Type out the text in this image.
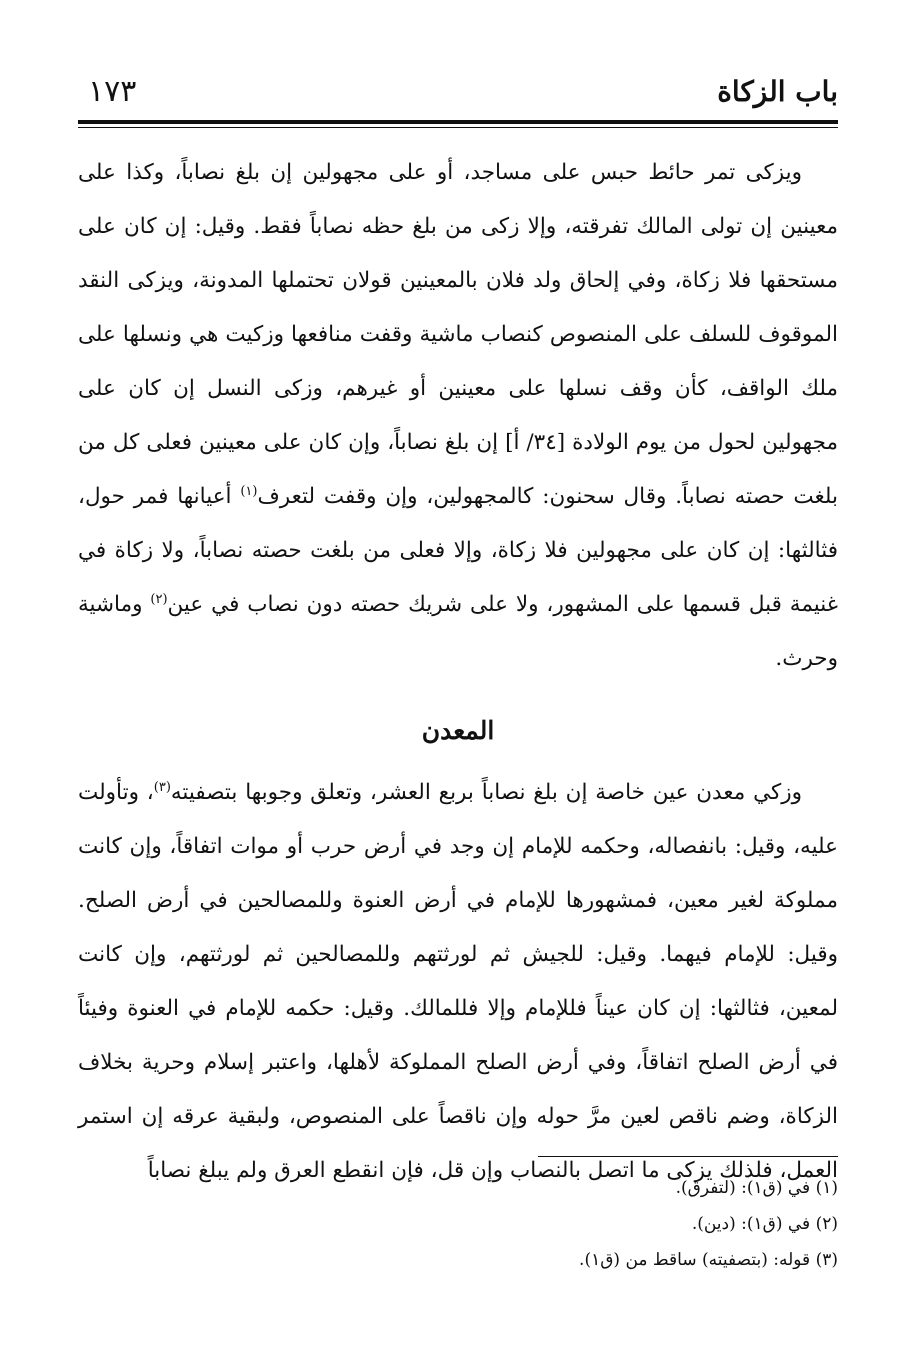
باب الزكاة
١٧٣

ويزكى تمر حائط حبس على مساجد، أو على مجهولين إن بلغ نصاباً، وكذا على معينين إن تولى المالك تفرقته، وإلا زكى من بلغ حظه نصاباً فقط. وقيل: إن كان على مستحقها فلا زكاة، وفي إلحاق ولد فلان بالمعينين قولان تحتملها المدونة، ويزكى النقد الموقوف للسلف على المنصوص كنصاب ماشية وقفت منافعها وزكيت هي ونسلها على ملك الواقف، كأن وقف نسلها على معينين أو غيرهم، وزكى النسل إن كان على مجهولين لحول من يوم الولادة [٣٤/ أ] إن بلغ نصاباً، وإن كان على معينين فعلى كل من بلغت حصته نصاباً. وقال سحنون: كالمجهولين، وإن وقفت لتعرف$^{(١)}$ أعيانها فمر حول، فثالثها: إن كان على مجهولين فلا زكاة، وإلا فعلى من بلغت حصته نصاباً، ولا زكاة في غنيمة قبل قسمها على المشهور، ولا على شريك حصته دون نصاب في عين$^{(٢)}$ وماشية وحرث.

المعدن

وزكي معدن عين خاصة إن بلغ نصاباً بربع العشر، وتعلق وجوبها بتصفيته$^{(٣)}$، وتأولت عليه، وقيل: بانفصاله، وحكمه للإمام إن وجد في أرض حرب أو موات اتفاقاً، وإن كانت مملوكة لغير معين، فمشهورها للإمام في أرض العنوة وللمصالحين في أرض الصلح. وقيل: للإمام فيهما. وقيل: للجيش ثم لورثتهم وللمصالحين ثم لورثتهم، وإن كانت لمعين، فثالثها: إن كان عيناً فللإمام وإلا فللمالك. وقيل: حكمه للإمام في العنوة وفيئاً في أرض الصلح اتفاقاً، وفي أرض الصلح المملوكة لأهلها، واعتبر إسلام وحرية بخلاف الزكاة، وضم ناقص لعين مرَّ حوله وإن ناقصاً على المنصوص، ولبقية عرقه إن استمر العمل، فلذلك يزكى ما اتصل بالنصاب وإن قل، فإن انقطع العرق ولم يبلغ نصاباً

(١) في (ق١): (لتفرق).

(٢) في (ق١): (دين).

(٣) قوله: (بتصفيته) ساقط من (ق١).
